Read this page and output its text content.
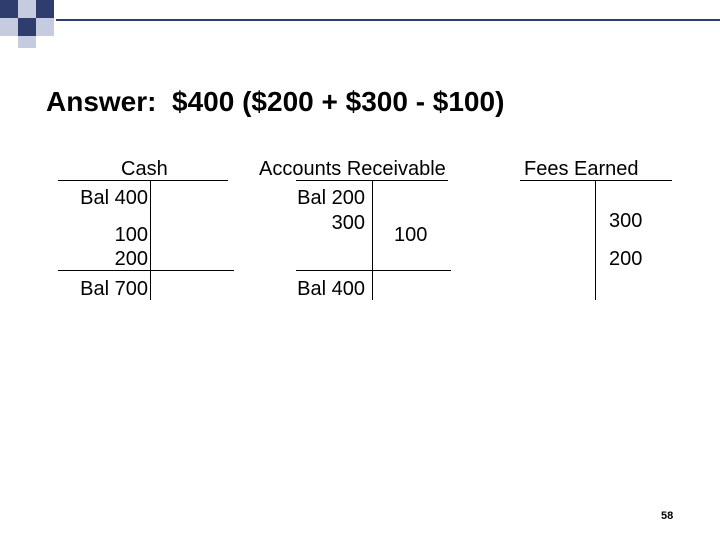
Answer:  $400 ($200 + $300 - $100)
Cash
Bal 400
100
200
Bal 700
Accounts Receivable
Bal 200
300
100
Bal 400
Fees Earned
300
200
58
